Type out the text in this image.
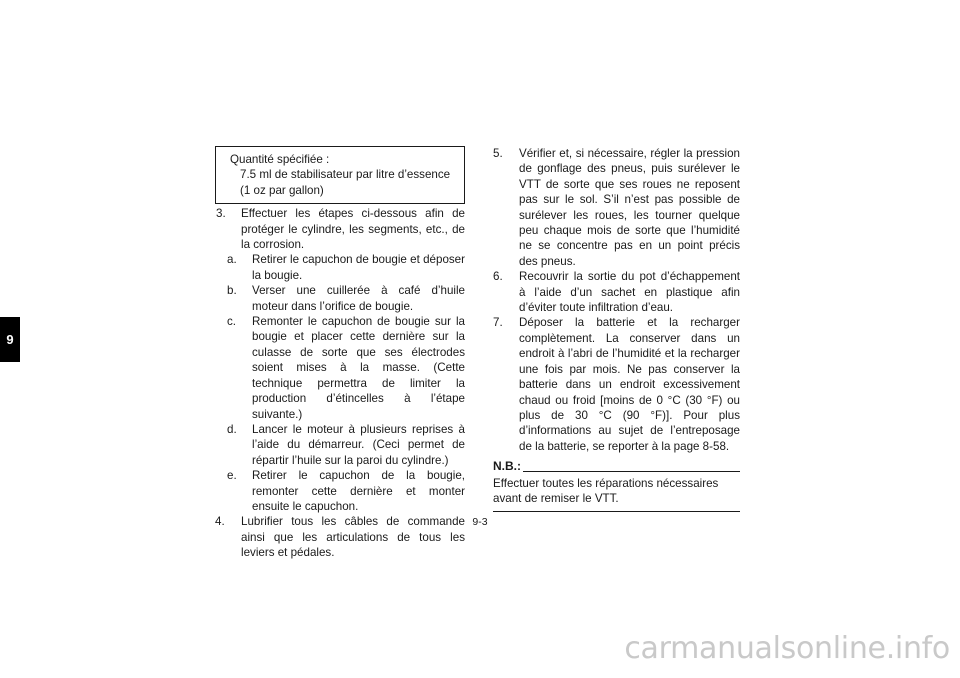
9
Quantité spécifiée :
7.5 ml de stabilisateur par litre d’essence (1 oz par gallon)
3.	Effectuer les étapes ci-dessous afin de protéger le cylindre, les segments, etc., de la corrosion.
a. Retirer le capuchon de bougie et déposer la bougie.
b. Verser une cuillerée à café d’huile moteur dans l’orifice de bougie.
c. Remonter le capuchon de bougie sur la bougie et placer cette dernière sur la culasse de sorte que ses électrodes soient mises à la masse. (Cette technique permettra de limiter la production d’étincelles à l’étape suivante.)
d. Lancer le moteur à plusieurs reprises à l’aide du démarreur. (Ceci permet de répartir l’huile sur la paroi du cylindre.)
e. Retirer le capuchon de la bougie, remonter cette dernière et monter ensuite le capuchon.
4.	Lubrifier tous les câbles de commande ainsi que les articulations de tous les leviers et pédales.
5.	Vérifier et, si nécessaire, régler la pression de gonflage des pneus, puis surélever le VTT de sorte que ses roues ne reposent pas sur le sol. S’il n’est pas possible de surélever les roues, les tourner quelque peu chaque mois de sorte que l’humidité ne se concentre pas en un point précis des pneus.
6.	Recouvrir la sortie du pot d’échappement à l’aide d’un sachet en plastique afin d’éviter toute infiltration d’eau.
7.	Déposer la batterie et la recharger complètement. La conserver dans un endroit à l’abri de l’humidité et la recharger une fois par mois. Ne pas conserver la batterie dans un endroit excessivement chaud ou froid [moins de 0 °C (30 °F) ou plus de 30 °C (90 °F)]. Pour plus d’informations au sujet de l’entreposage de la batterie, se reporter à la page 8-58.
N.B.:
Effectuer toutes les réparations nécessaires avant de remiser le VTT.
9-3
carmanualsonline.info
